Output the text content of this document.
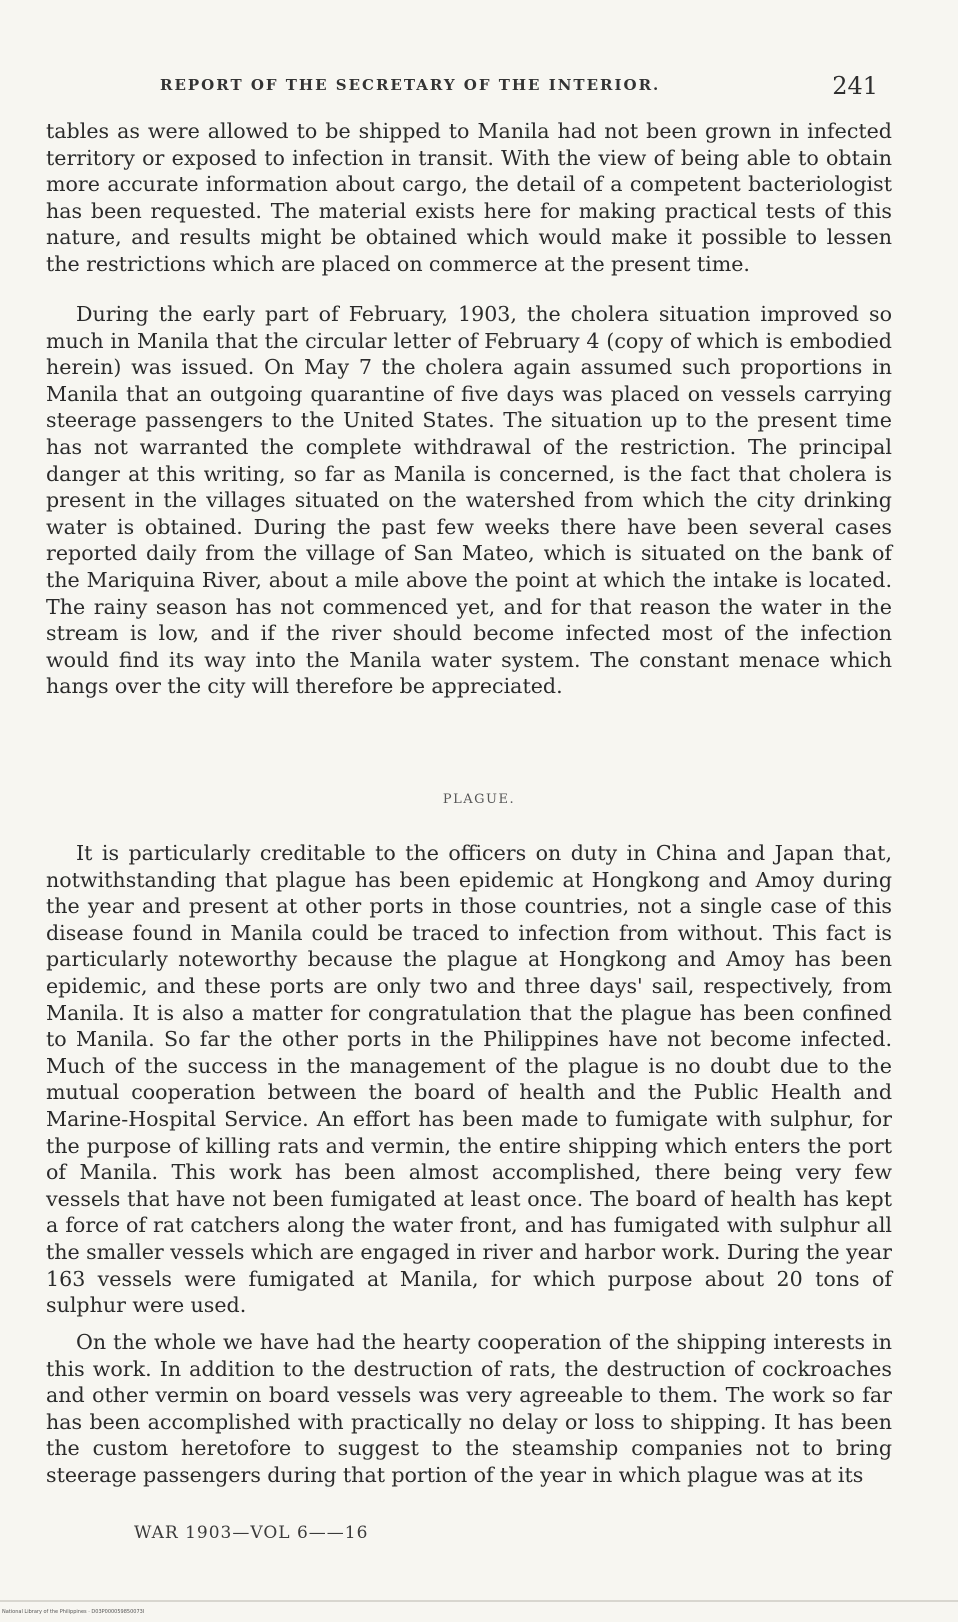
REPORT OF THE SECRETARY OF THE INTERIOR.	241

tables as were allowed to be shipped to Manila had not been grown in infected territory or exposed to infection in transit. With the view of being able to obtain more accurate information about cargo, the detail of a competent bacteriologist has been requested. The material exists here for making practical tests of this nature, and results might be obtained which would make it possible to lessen the restrictions which are placed on commerce at the present time.

During the early part of February, 1903, the cholera situation improved so much in Manila that the circular letter of February 4 (copy of which is embodied herein) was issued. On May 7 the cholera again assumed such proportions in Manila that an outgoing quarantine of five days was placed on vessels carrying steerage passengers to the United States. The situation up to the present time has not warranted the complete withdrawal of the restriction. The principal danger at this writing, so far as Manila is concerned, is the fact that cholera is present in the villages situated on the watershed from which the city drinking water is obtained. During the past few weeks there have been several cases reported daily from the village of San Mateo, which is situated on the bank of the Mariquina River, about a mile above the point at which the intake is located. The rainy season has not commenced yet, and for that reason the water in the stream is low, and if the river should become infected most of the infection would find its way into the Manila water system. The constant menace which hangs over the city will therefore be appreciated.

PLAGUE.

It is particularly creditable to the officers on duty in China and Japan that, notwithstanding that plague has been epidemic at Hongkong and Amoy during the year and present at other ports in those countries, not a single case of this disease found in Manila could be traced to infection from without. This fact is particularly noteworthy because the plague at Hongkong and Amoy has been epidemic, and these ports are only two and three days' sail, respectively, from Manila. It is also a matter for congratulation that the plague has been confined to Manila. So far the other ports in the Philippines have not become infected. Much of the success in the management of the plague is no doubt due to the mutual cooperation between the board of health and the Public Health and Marine-Hospital Service. An effort has been made to fumigate with sulphur, for the purpose of killing rats and vermin, the entire shipping which enters the port of Manila. This work has been almost accomplished, there being very few vessels that have not been fumigated at least once. The board of health has kept a force of rat catchers along the water front, and has fumigated with sulphur all the smaller vessels which are engaged in river and harbor work. During the year 163 vessels were fumigated at Manila, for which purpose about 20 tons of sulphur were used.

On the whole we have had the hearty cooperation of the shipping interests in this work. In addition to the destruction of rats, the destruction of cockroaches and other vermin on board vessels was very agreeable to them. The work so far has been accomplished with practically no delay or loss to shipping. It has been the custom heretofore to suggest to the steamship companies not to bring steerage passengers during that portion of the year in which plague was at its

WAR 1903—VOL 6——16
National Library of the Philippines · D03P000059850073I
